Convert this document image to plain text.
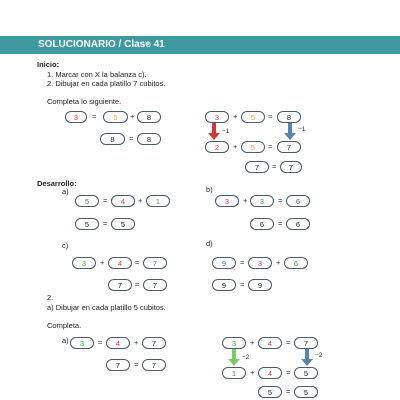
SOLUCIONARIO / Clase 41
Inicio:
1. Marcar con X la balanza c).
2. Dibujar en cada platillo 7 cubitos.
Completa lo siguiente.
3	=	5	+	8
8	=	8
3	+	5	=	8
−1	−1
2	+	5	=	7
7	=	7
Desarrollo:
a)
5	=	4	+	1
5	=	5
b)
3	+	3	=	6
6	=	6
c)
3	+	4	=	7
7	=	7
d)
9	=	3	+	6
9	=	9
2.
a) Dibujar en cada platillo 5 cubitos.
Completa.
a)	3	=	4	+	7
7	=	7
3	+	4	=	7
−2	−2
1	+	4	=	5
5	=	5
